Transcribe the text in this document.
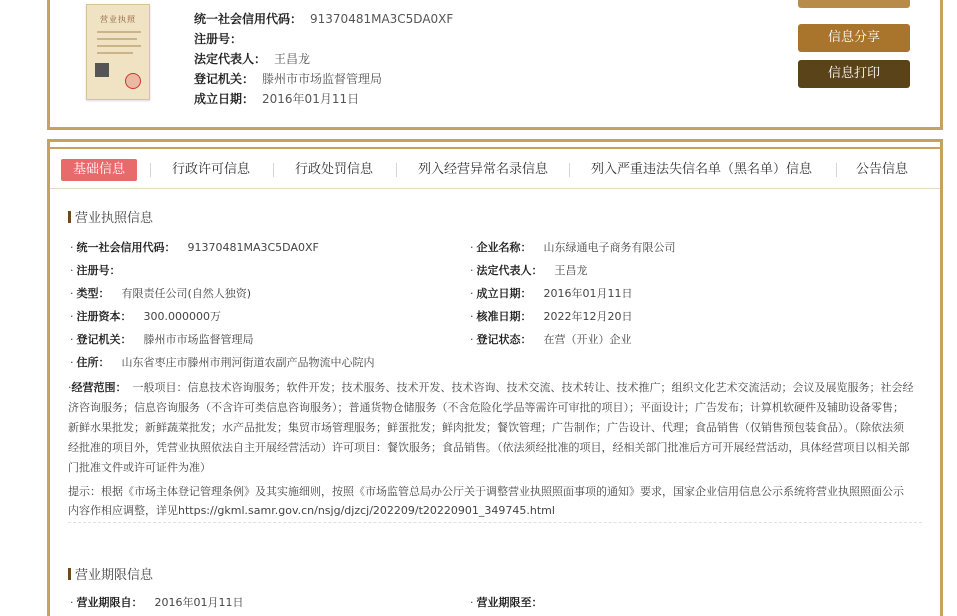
营业执照	统一社会信用代码： 91370481MA3C5DA0XF
注册号：
法定代表人： 王昌龙
登记机关： 滕州市市场监督管理局
成立日期： 2016年01月11日
信息分享
信息打印
基础信息	行政许可信息	行政处罚信息	列入经营异常名录信息	列入严重违法失信名单（黑名单）信息	公告信息
营业执照信息
· 统一社会信用代码： 91370481MA3C5DA0XF	· 企业名称： 山东绿通电子商务有限公司
· 注册号：	· 法定代表人： 王昌龙
· 类型： 有限责任公司(自然人独资)	· 成立日期： 2016年01月11日
· 注册资本： 300.000000万	· 核准日期： 2022年12月20日
· 登记机关： 滕州市市场监督管理局	· 登记状态： 在营（开业）企业
· 住所： 山东省枣庄市滕州市荆河街道农副产品物流中心院内
·经营范围： 一般项目：信息技术咨询服务；软件开发；技术服务、技术开发、技术咨询、技术交流、技术转让、技术推广；组织文化艺术交流活动；会议及展览服务；社会经济咨询服务；信息咨询服务（不含许可类信息咨询服务）；普通货物仓储服务（不含危险化学品等需许可审批的项目）；平面设计；广告发布；计算机软硬件及辅助设备零售；新鲜水果批发；新鲜蔬菜批发；水产品批发；集贸市场管理服务；鲜蛋批发；鲜肉批发；餐饮管理；广告制作；广告设计、代理；食品销售（仅销售预包装食品）。（除依法须经批准的项目外，凭营业执照依法自主开展经营活动）许可项目：餐饮服务；食品销售。（依法须经批准的项目，经相关部门批准后方可开展经营活动，具体经营项目以相关部门批准文件或许可证件为准）
提示：根据《市场主体登记管理条例》及其实施细则，按照《市场监管总局办公厅关于调整营业执照照面事项的通知》要求，国家企业信用信息公示系统将营业执照照面公示内容作相应调整，详见https://gkml.samr.gov.cn/nsjg/djzcj/202209/t20220901_349745.html
营业期限信息
· 营业期限自： 2016年01月11日	· 营业期限至：
